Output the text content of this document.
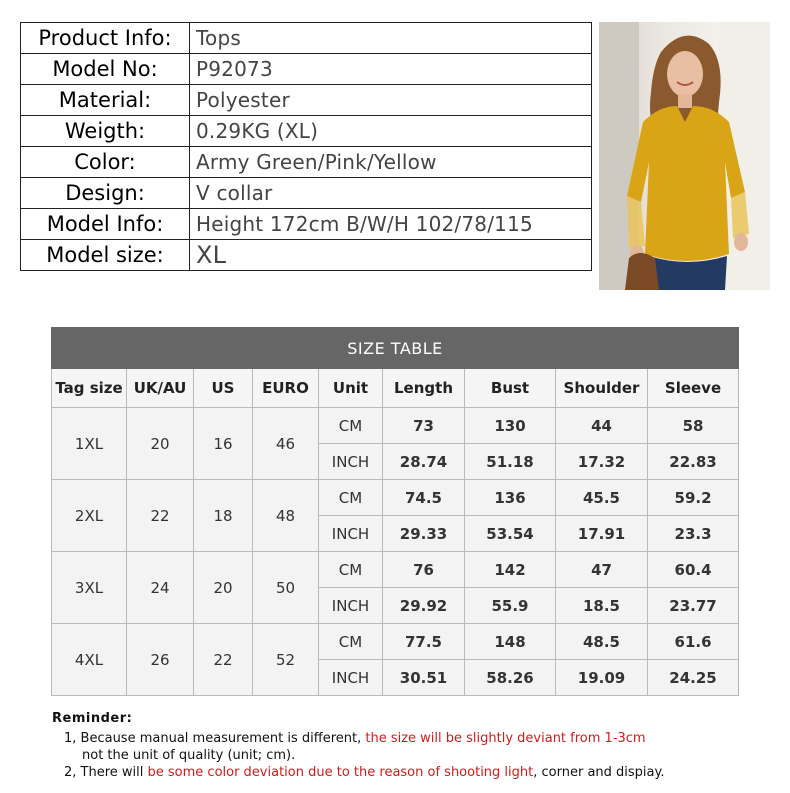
Product Info:	Tops
Model No:	P92073
Material:	Polyester
Weigth:	0.29KG (XL)
Color:	Army Green/Pink/Yellow
Design:	V collar
Model Info:	Height 172cm B/W/H 102/78/115
Model size:	XL
SIZE TABLE								
Tag size	UK/AU	US	EURO	Unit	Length	Bust	Shoulder	Sleeve
1XL	20	16	46	CM	73	130	44	58
				INCH	28.74	51.18	17.32	22.83
2XL	22	18	48	CM	74.5	136	45.5	59.2
				INCH	29.33	53.54	17.91	23.3
3XL	24	20	50	CM	76	142	47	60.4
				INCH	29.92	55.9	18.5	23.77
4XL	26	22	52	CM	77.5	148	48.5	61.6
				INCH	30.51	58.26	19.09	24.25
Reminder:
1, Because manual measurement is different, the size will be slightly deviant from 1-3cm
not the unit of quality (unit; cm).
2, There will be some color deviation due to the reason of shooting light, corner and dispiay.
